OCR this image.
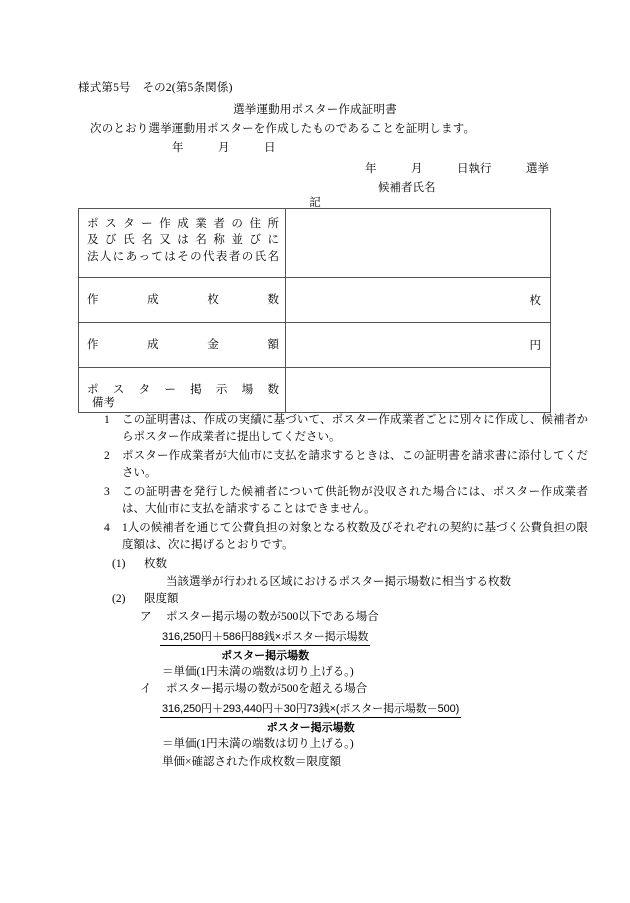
様式第5号　その2(第5条関係)
選挙運動用ポスター作成証明書
次のとおり選挙運動用ポスターを作成したものであることを証明します。
年　　　月　　　日
年　　　月　　　日執行　　　選挙
候補者氏名
記
ポスター作成業者の住所
及び氏名又は名称並びに
法人にあってはその代表者の氏名	

作成枚数	枚

作成金額	円

ポスター掲示場数	

備考
1	この証明書は、作成の実績に基づいて、ポスター作成業者ごとに別々に作成し、候補者からポスター作成業者に提出してください。

2	ポスター作成業者が大仙市に支払を請求するときは、この証明書を請求書に添付してください。

3	この証明書を発行した候補者について供託物が没収された場合には、ポスター作成業者は、大仙市に支払を請求することはできません。

4	1人の候補者を通じて公費負担の対象となる枚数及びそれぞれの契約に基づく公費負担の限度額は、次に掲げるとおりです。

(1) 枚数

当該選挙が行われる区域におけるポスター掲示場数に相当する枚数

(2) 限度額

ア ポスター掲示場の数が500以下である場合

$\frac{\text{316,250円＋586円88銭×ポスター掲示場数}}{\text{ポスター掲示場数}}$

＝単価(1円未満の端数は切り上げる。)

イ ポスター掲示場の数が500を超える場合

$\frac{\text{316,250円＋293,440円＋30円73銭×(ポスター掲示場数－500)}}{\text{ポスター掲示場数}}$

＝単価(1円未満の端数は切り上げる。)

単価×確認された作成枚数＝限度額
